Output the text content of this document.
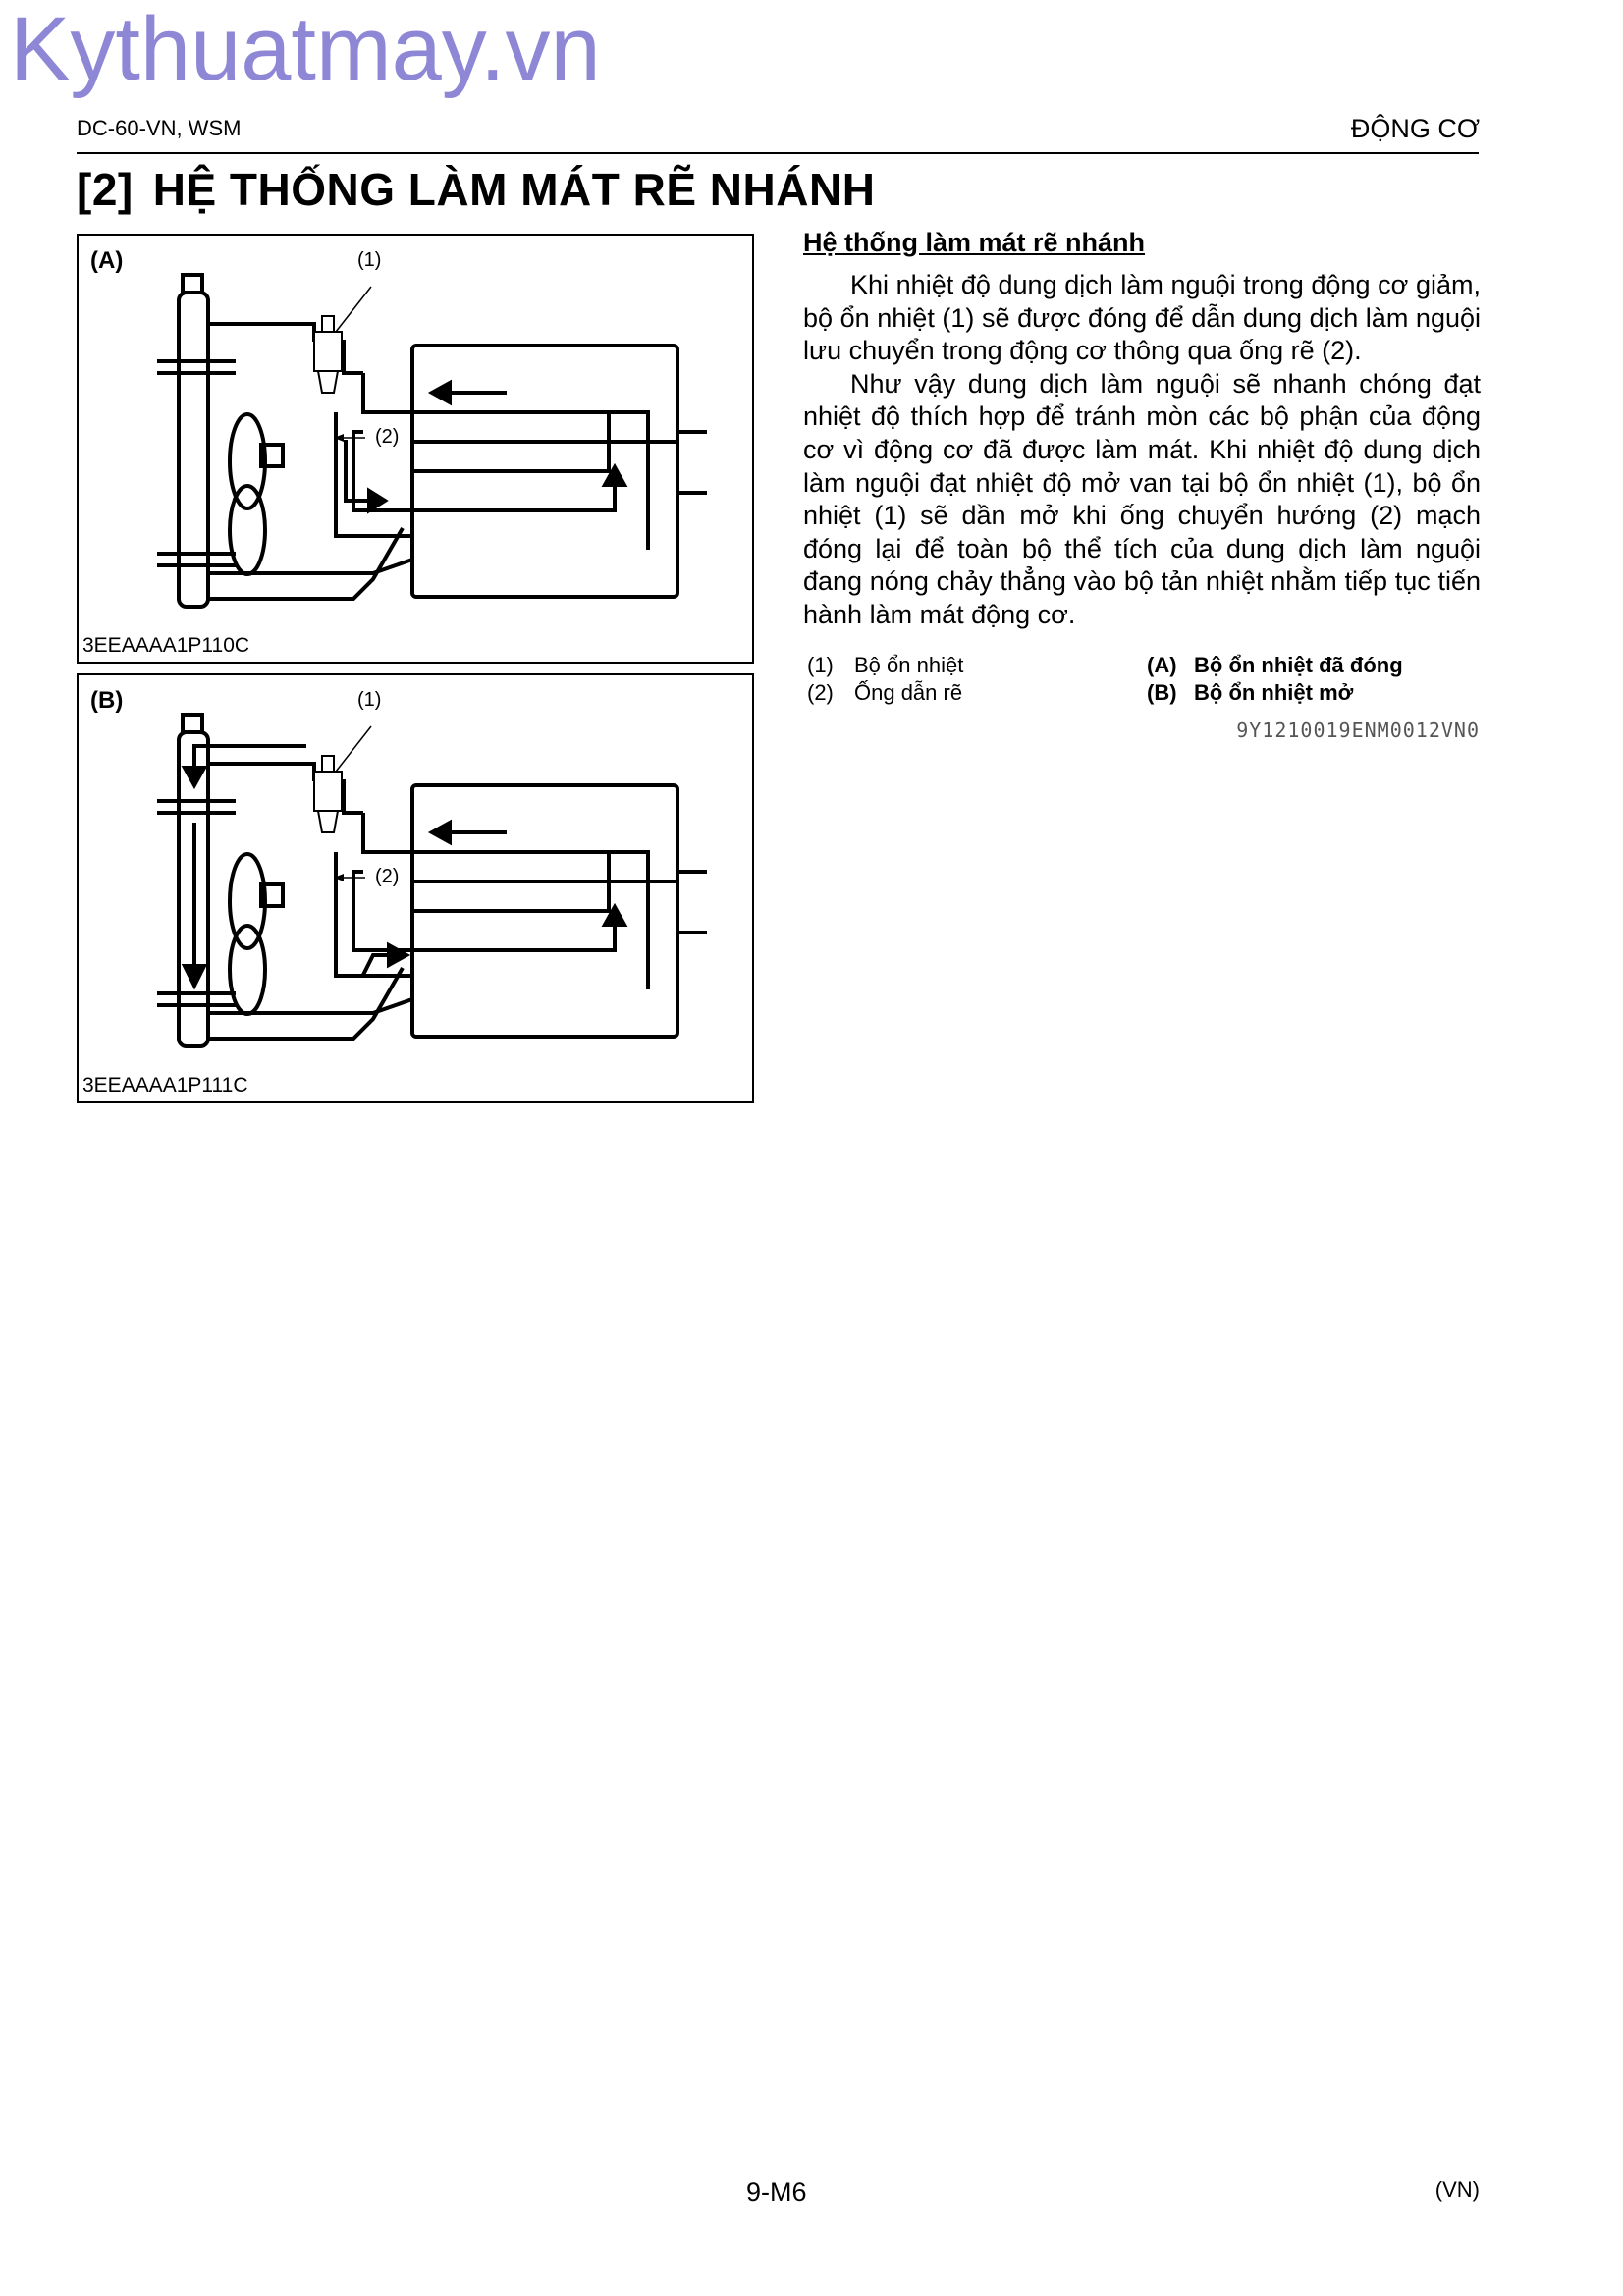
Kythuatmay.vn
DC-60-VN, WSM	ĐỘNG CƠ
[2] HỆ THỐNG LÀM MÁT RẼ NHÁNH
(A)	(1)
(2)
3EEAAAA1P110C
(B)	(1)
(2)
3EEAAAA1P111C
Hệ thống làm mát rẽ nhánh

Khi nhiệt độ dung dịch làm nguội trong động cơ giảm, bộ ổn nhiệt (1) sẽ được đóng để dẫn dung dịch làm nguội lưu chuyển trong động cơ thông qua ống rẽ (2).

Như vậy dung dịch làm nguội sẽ nhanh chóng đạt nhiệt độ thích hợp để tránh mòn các bộ phận của động cơ vì động cơ đã được làm mát. Khi nhiệt độ dung dịch làm nguội đạt nhiệt độ mở van tại bộ ổn nhiệt (1), bộ ổn nhiệt (1) sẽ dần mở khi ống chuyển hướng (2) mạch đóng lại để toàn bộ thể tích của dung dịch làm nguội đang nóng chảy thẳng vào bộ tản nhiệt nhằm tiếp tục tiến hành làm mát động cơ.

(1) Bộ ổn nhiệt	(A) Bộ ổn nhiệt đã đóng
(2) Ống dẫn rẽ	(B) Bộ ổn nhiệt mở
9Y1210019ENM0012VN0
9-M6	(VN)
